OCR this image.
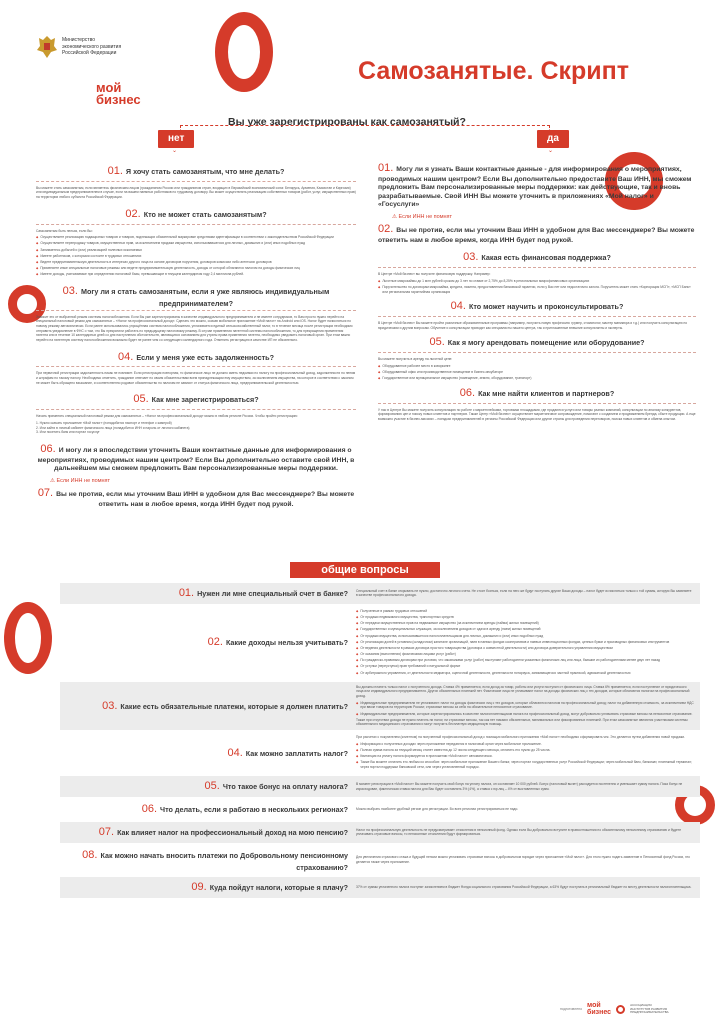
Министерство
экономического развития
Российской Федерации
мой
бизнес
Самозанятые. Скрипт
Вы уже зарегистрированы как самозанятый?
нет	да
⌄	⌄
01. Я хочу стать самозанятым, что мне делать?
Вы можете стать самозанятым, если являетесь физическим лицом (гражданином России или гражданином стран, входящих в Евразийский экономический союз: Беларусь, Армения, Казахстан и Киргизия) или индивидуальным предпринимателем в случае, если на вашем наемных работников по трудовому договору. Вы может осуществлять реализацию собственных товаров (работ, услуг, имущественных прав) на территории любого субъекта Российской Федерации.
02. Кто не может стать самозанятым?
Самозанятым быть нельзя, если Вы:
◆ Осуществляете реализацию подакцизных товаров и товаров, подлежащих обязательной маркировке средствами идентификации в соответствии с законодательством Российской Федерации
◆ Осуществляете перепродажу товаров, имущественных прав, за исключением продажи имущества, использовавшегося для личных, домашних и (или) иных подобных нужд
◆ Занимаетесь добычей и (или) реализацией полезных ископаемых
◆ Имеете работников, с которыми состоите в трудовых отношениях
◆ Ведете предпринимательскую деятельность в интересах другого лица на основе договоров поручения, договоров комиссии либо агентских договоров
◆ Применяете иные специальные налоговые режимы или ведете предпринимательскую деятельность, доходы от которой облагаются налогом на доходы физических лиц
◆ Имеете доходы, учитываемые при определении налоговой базы, превышающие в текущем календарном году 2,4 миллиона рублей.
03. Могу ли я стать самозанятым, если я уже являюсь индивидуальным предпринимателем?
Зависит это от выбранной режим системы налогообложения. Если Вы уже зарегистрированы в качестве индивидуального предпринимателя и не имеете сотрудников, то Вам просто нужно перейти на специальный налоговый режим для самозанятых – «Налог на профессиональный доход». Сделать это можно, скачав мобильное приложение «Мой налог» на Android или iOS. Налог будет начисляться по новому режиму автоматически. Если ранее использовались упрощённая система налогообложения, уплачивается единый сельскохозяйственный налог, то в течение месяца после регистрации необходимо отправить уведомление в ФНС о том, что Вы прекратили работать по предыдущему налоговому режиму. В случае применения патентной системы налогообложения, то для прекращения применения патента или в течение 10 календарных дней со дня наступления обстоятельств, являющихся основанием для утраты права применения патента, необходимо уведомить налоговый орган. При этом важно перейти на патентную систему налогообложения возможно будет не ранее чем со следующего календарного года. Отменить регистрацию в качестве ИП не обязательно.
04. Если у меня уже есть задолженность?
При первичной регистрации задолженность никак не повлияет. Если регистрация повторная, то физическое лицо не должно иметь недоимки по налогу на профессиональный доход, задолженности по пеням и штрафам по такому налогу. Необходимо отметить, гражданин отвечает по своим обязательствам всем принадлежащим ему имуществом, за исключением имущества, на которое в соответствии с законом не может быть обращено взыскание, и соответственно родовое обязательство по налогам не зависит от статуса физического лица, предпринимательской деятельностью.
05. Как мне зарегистрироваться?
Начать применять специальный налоговый режим для самозанятых – «Налог на профессиональный доход» можно в любом регионе России. Чтобы пройти регистрацию:
1. Нужно скачать приложение «Мой налог» (понадобится паспорт и телефон с камерой)
2. Или зайти в личный кабинет физического лица (понадобится ИНН и пароль от личного кабинета)
3. Или посетить банк или портал госуслуг
06. И могу ли я впоследствии уточнить Ваши контактные данные для информирования о мероприятиях, проводимых нашим центром? Если Вы дополнительно оставите свой ИНН, в дальнейшем мы сможем предложить Вам персонализированные меры поддержки.
⚠ Если ИНН не помнят
07. Вы не против, если мы уточним Ваш ИНН в удобном для Вас мессенджере? Вы можете ответить нам в любое время, когда ИНН будет под рукой.
01. Могу ли я узнать Ваши контактные данные - для информирования о мероприятиях, проводимых нашим центром? Если Вы дополнительно предоставите Ваш ИНН, мы сможем предложить Вам персонализированные меры поддержки: как действующие, так и вновь разрабатываемые. Свой ИНН Вы можете уточнить в приложениях «Мой налог» и «Госуслуги»
⚠ Если ИНН не помнят
02. Вы не против, если мы уточним Ваш ИНН в удобном для Вас мессенджере? Вы можете ответить нам в любое время, когда ИНН будет под рукой.
03. Какая есть финансовая поддержка?
В Центре «Мой бизнес» вы получите финансовую поддержку. Например:
◆ Льготные микрозаймы до 1 млн рублей сроком до 3 лет по ставке от 2,75% до 8,25% в региональных микрофинансовых организациях
◆ Поручительство по договорам микрозайма, кредита, лизинга, предоставления банковской гарантии, если у Вас нет или недостаточно залога. Поручитель может стать «Корпорация МСП», «МСП Банк» или региональная гарантийная организация
04. Кто может научить и проконсультировать?
В Центре «Мой бизнес» Вы можете пройти различные образовательные программы (например, получить новую профессию: грумер, стоматолог, мастер маникюра и т.д.) или получить консультацию по юридическим и другим вопросам. Обучение и консультации проводят как специалисты нашего центра, так и приглашенные внешние консультанты и эксперты.
05. Как я могу арендовать помещение или оборудование?
Вы можете получить в аренду на льготной цене:
◆ Оборудованное рабочее место в коворкинге
◆ Оборудованный офис или производственное помещение в бизнес-инкубаторе
◆ Государственное или муниципальное имущество (помещение, землю, оборудование, транспорт)
06. Как мне найти клиентов и партнеров?
У нас в Центре Вы можете получить консультацию по работе с маркетплейсами, торговыми площадками, где продаются услуги или товары разных компаний, консультации по анализу конкурентов, формированию цен и поиску новых клиентов и партнеров. Также Центр «Мой бизнес» осуществляет маркетинговое сопровождение, помогают с созданием и продвижением бренда, сбыте продукции. А еще возможно участие в бизнес-миссиях – поездках предпринимателей в регионы Российской Федерации или другие страны для проведения переговоров, поиска новых клиентов и обмена опытом.
общие вопросы
01. Нужен ли мне специальный счет в банке?	Специальный счет в банке открывать не нужно, достаточно личного счета. Не стоит бояться, если на него же будут поступать другие Ваши доходы – налог будет исчисляться только с той суммы, которую Вы заявляете в качестве профессионального дохода.
02. Какие доходы нельзя учитывать?
◆ Полученные в рамках трудовых отношений
◆ От продажи недвижимого имущества, транспортных средств
◆ От передачи имущественных прав на недвижимое имущество (за исключением аренды (найма) жилых помещений)
◆ Государственных и муниципальных служащих, за исключением доходов от сдачи в аренду (наем) жилых помещений
◆ От продажи имущества, использовавшегося налогоплательщиком для личных, домашних и (или) иных подобных нужд
◆ От реализации долей в уставном (складочном) капитале организаций, паев в паевых фондах кооперативов и паевых инвестиционных фондах, ценных бумаг и производных финансовых инструментов
◆ От ведения деятельности в рамках договора простого товарищества (договора о совместной деятельности) или договора доверительного управления имуществом
◆ От оказания (выполнения) физическими лицами услуг (работ)
◆ По гражданско-правовым договорам при условии, что заказчиками услуг (работ) выступают работодатели указанных физических лиц или лица, бывшие их работодателями менее двух лет назад
◆ От уступки (переуступки) прав требований и натуральной форме
◆ От арбитражного управления, от деятельности медиатора, оценочной деятельности, деятельности нотариуса, занимающегося частной практикой, адвокатской деятельностью
03. Какие есть обязательные платежи, которые я должен платить?
Вы должны платить только налог с полученного дохода. Ставка 4% применяется, если доход за товар, работы или услуги поступил от физического лица. Ставка 6% применяется, если поступление от юридического лица или индивидуального предпринимателя. Других обязательных платежей нет. Физические лица не уплачивают налог на доходы физических лиц с тех доходов, которые облагаются налогом на профессиональный доход.
◆ Индивидуальные предприниматели не уплачивают: налог на доходы физических лиц с тех доходов, которые облагаются налогом на профессиональный доход; налог на добавленную стоимость, за исключением НДС при ввозе товаров на территорию России; страховые взносы за себя на обязательное пенсионное страхование.
◆ Индивидуальные предприниматели, которые зарегистрировались в качестве налогоплательщиков налога на профессиональный доход, могут добровольно уплачивать страховые взносы на пенсионное страхование.
Также при отсутствии дохода не нужно платить ни налог, ни страховые взносы, так как нет никаких обязательных, минимальных или фиксированных платежей. При этом самозанятые являются участниками системы обязательного медицинского страхования и могут получить бесплатную медицинскую помощь.
04. Как можно заплатить налог?
При расчетах с покупателем (клиентом) на полученный профессиональный доход с помощью мобильного приложения «Мой налог» необходимо сформировать чек. Это делается путем добавления новой продажи.
◆ Информация о полученных доходах через приложение передаются в налоговый орган через мобильное приложение.
◆ Полная сумма налога за текущий месяц станет известна до 12 числа следующего месяца, оплатить его нужно до 25 числа.
◆ Квитанция на уплату налога формируется в приложении «Мой налог» автоматически.
◆ Также Вы можете оплатить его любым из способов: через мобильное приложение Вашего банка; через портал государственных услуг Российской Федерации; через мобильный банк, банкомат, платежный терминал; через портал поддержки банковской сети, или через установленный порядок.
05. Что такое бонус на оплату налога?	В момент регистрации в «Мой налог» Вы можете получить свой бонус на уплату налога, он составляет 10 000 рублей. Бонус (налоговый вычет) расходуется постепенно и уменьшает сумму налога. Пока бонус не израсходован, фактическая ставка налога для Вас будет составлять 3% (4%), а ставка с юр.лиц – 4% от выставленных сумм.
06. Что делать, если я работаю в нескольких регионах?	Можно выбрать наиболее удобный регион для регистрации. Во всех регионах регистрироваться не надо.
07. Как влияет налог на профессиональный доход на мою пенсию?	Налог на профессиональную деятельность не предусматривает отчисления в пенсионный фонд. Однако если Вы добровольно вступите в правоотношения по обязательному пенсионному страхованию и будете уплачивать страховые взносы, то пенсионные отчисления будут формироваться.
08. Как можно начать вносить платежи по Добровольному пенсионному страхованию?
Для увеличения страхового стажа и будущей пенсии можно уплачивать страховые взносы в добровольном порядке через приложение «Мой налог». Для этого нужно подать заявление в Пенсионный фонд России, это делается также через приложение.
09. Куда пойдут налоги, которые я плачу?	37% от суммы уплаченного налога поступят зачислением в бюджет Фонда социального страхования Российской Федерации, а 63% будут поступать в региональный бюджет по месту деятельности налогоплательщика.
подготовлено
мой
бизнес
АССОЦИАЦИЯ
ИНСТИТУТОВ РАЗВИТИЯ
ПРЕДПРИНИМАТЕЛЬСТВА
